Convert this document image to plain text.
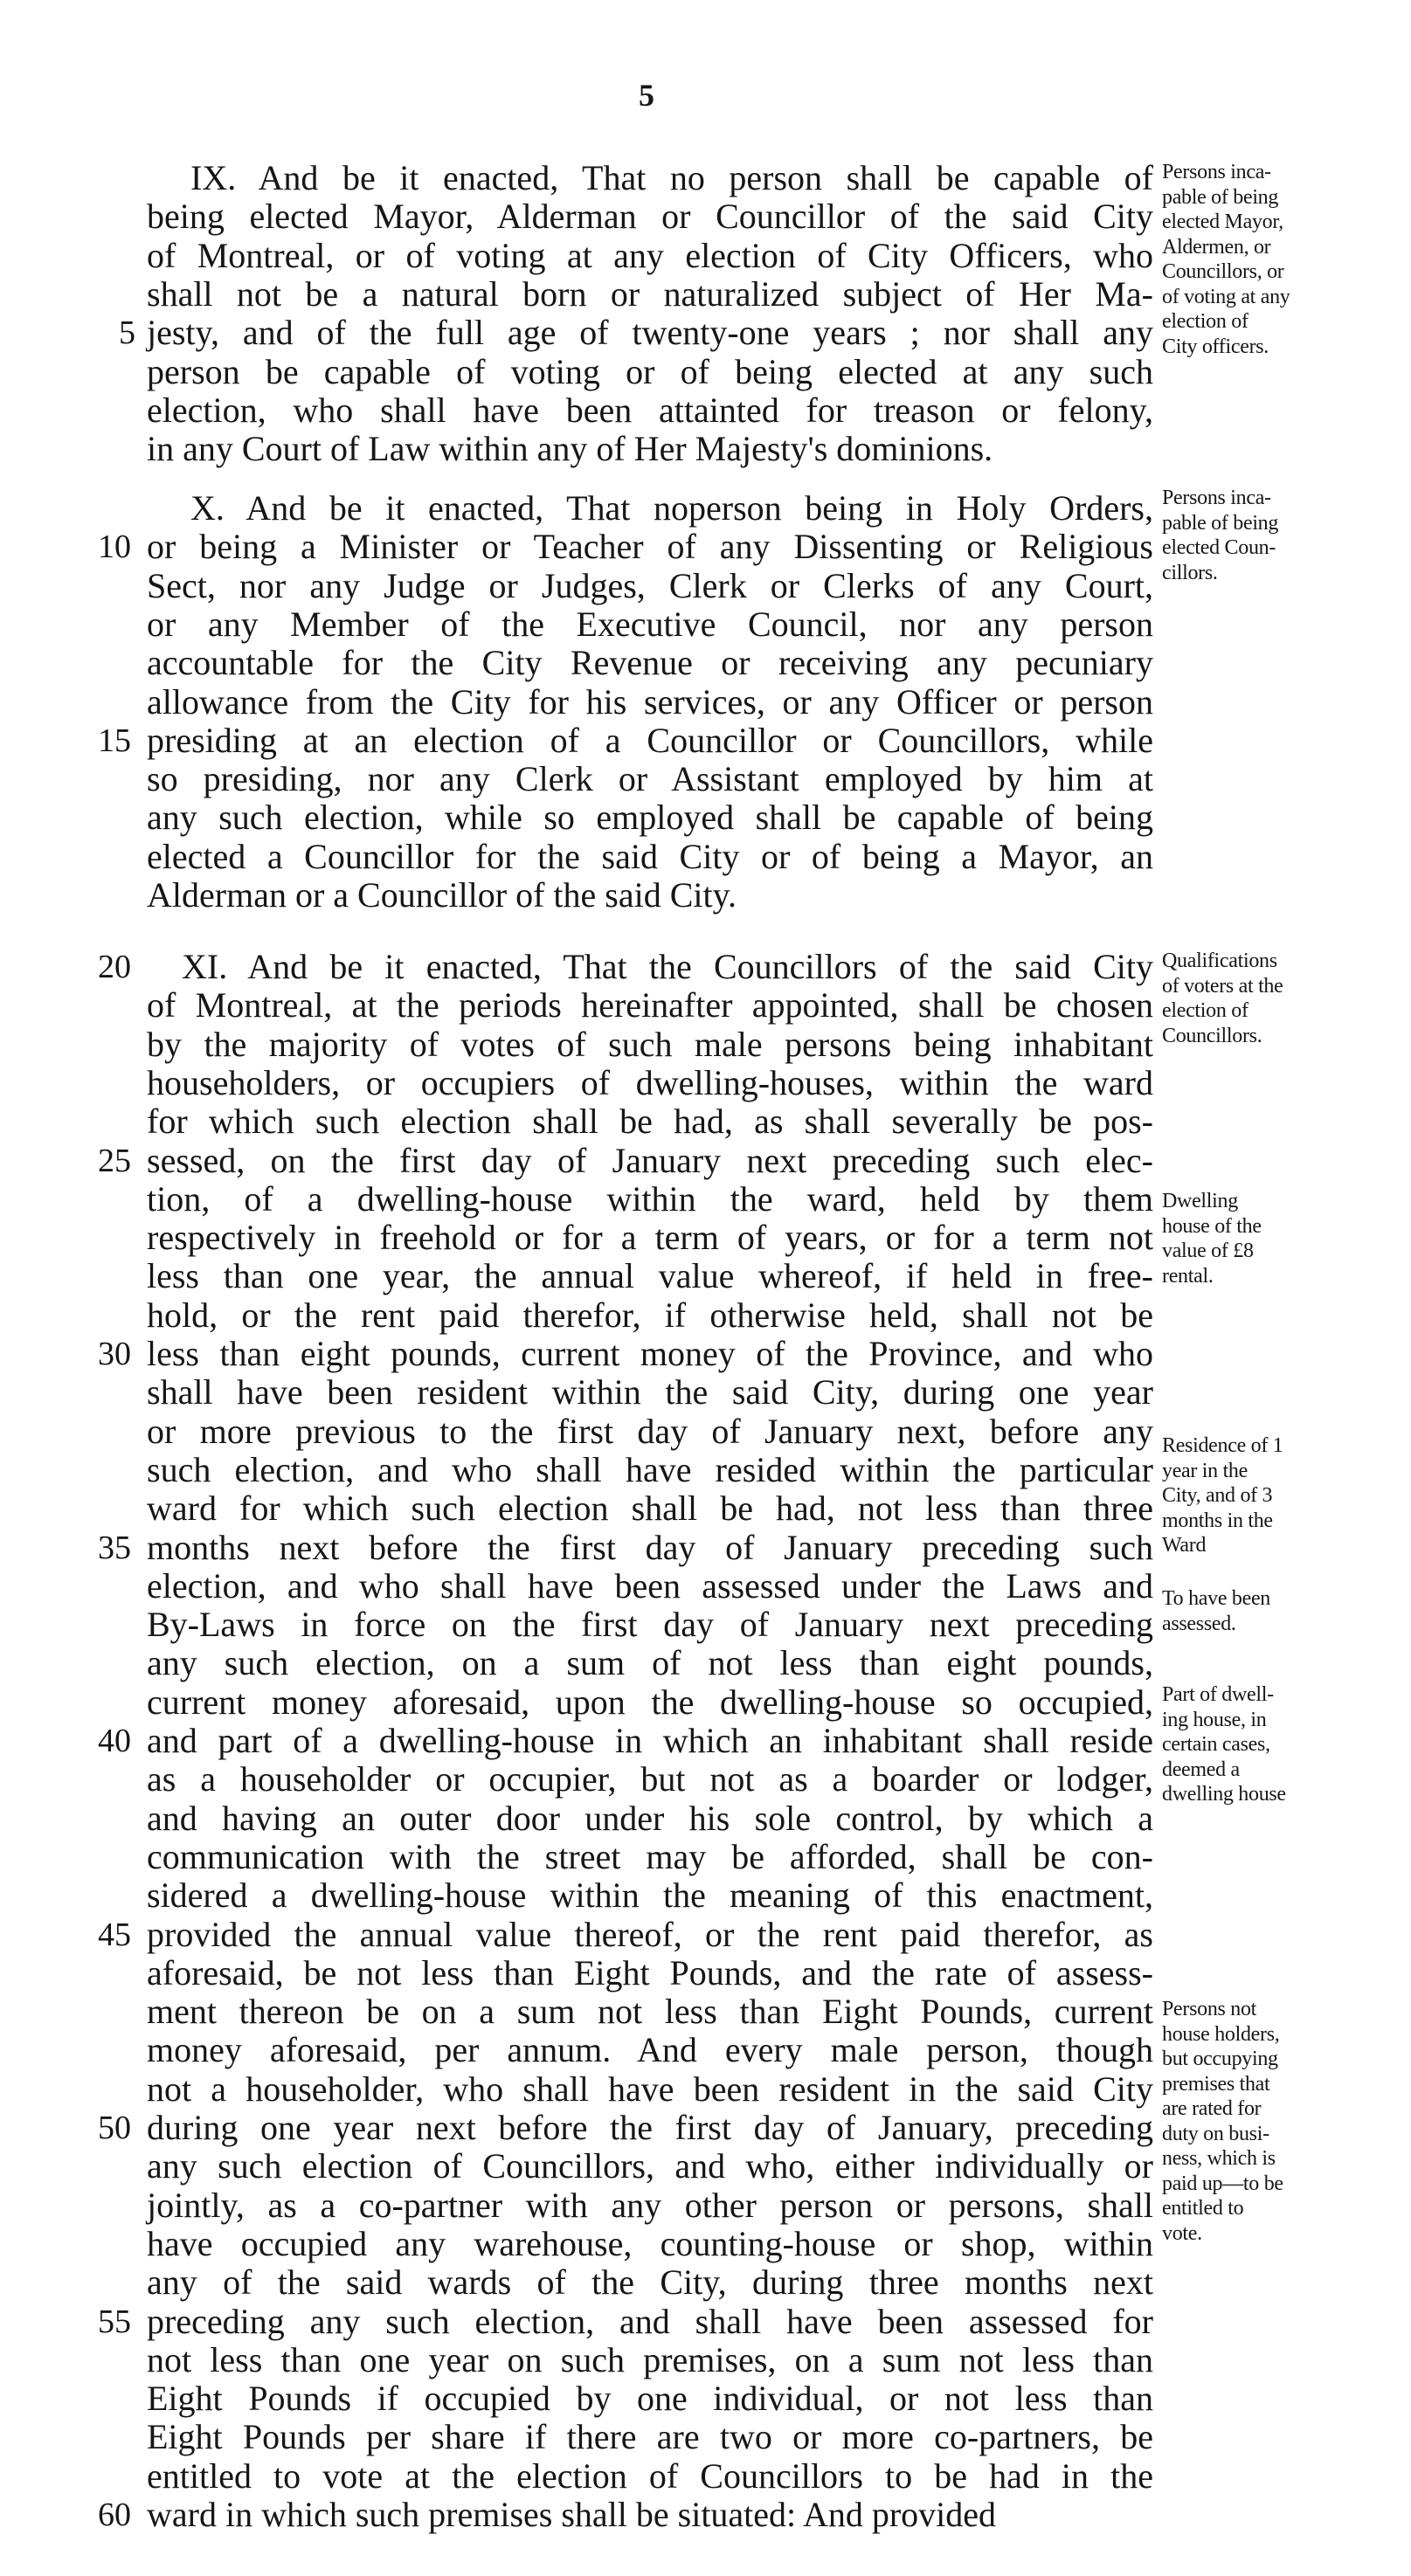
5
IX. And be it enacted, That no person shall be capable of
being elected Mayor, Alderman or Councillor of the said City
of Montreal, or of voting at any election of City Officers, who
shall not be a natural born or naturalized subject of Her Ma-
jesty, and of the full age of twenty-one years ; nor shall any
person be capable of voting or of being elected at any such
election, who shall have been attainted for treason or felony,
in any Court of Law within any of Her Majesty's dominions.
X. And be it enacted, That noperson being in Holy Orders,
or being a Minister or Teacher of any Dissenting or Religious
Sect, nor any Judge or Judges, Clerk or Clerks of any Court,
or any Member of the Executive Council, nor any person
accountable for the City Revenue or receiving any pecuniary
allowance from the City for his services, or any Officer or person
presiding at an election of a Councillor or Councillors, while
so presiding, nor any Clerk or Assistant employed by him at
any such election, while so employed shall be capable of being
elected a Councillor for the said City or of being a Mayor, an
Alderman or a Councillor of the said City.
XI. And be it enacted, That the Councillors of the said City
of Montreal, at the periods hereinafter appointed, shall be chosen
by the majority of votes of such male persons being inhabitant
householders, or occupiers of dwelling-houses, within the ward
for which such election shall be had, as shall severally be pos-
sessed, on the first day of January next preceding such elec-
tion, of a dwelling-house within the ward, held by them
respectively in freehold or for a term of years, or for a term not
less than one year, the annual value whereof, if held in free-
hold, or the rent paid therefor, if otherwise held, shall not be
less than eight pounds, current money of the Province, and who
shall have been resident within the said City, during one year
or more previous to the first day of January next, before any
such election, and who shall have resided within the particular
ward for which such election shall be had, not less than three
months next before the first day of January preceding such
election, and who shall have been assessed under the Laws and
By-Laws in force on the first day of January next preceding
any such election, on a sum of not less than eight pounds,
current money aforesaid, upon the dwelling-house so occupied,
and part of a dwelling-house in which an inhabitant shall reside
as a householder or occupier, but not as a boarder or lodger,
and having an outer door under his sole control, by which a
communication with the street may be afforded, shall be con-
sidered a dwelling-house within the meaning of this enactment,
provided the annual value thereof, or the rent paid therefor, as
aforesaid, be not less than Eight Pounds, and the rate of assess-
ment thereon be on a sum not less than Eight Pounds, current
money aforesaid, per annum. And every male person, though
not a householder, who shall have been resident in the said City
during one year next before the first day of January, preceding
any such election of Councillors, and who, either individually or
jointly, as a co-partner with any other person or persons, shall
have occupied any warehouse, counting-house or shop, within
any of the said wards of the City, during three months next
preceding any such election, and shall have been assessed for
not less than one year on such premises, on a sum not less than
Eight Pounds if occupied by one individual, or not less than
Eight Pounds per share if there are two or more co-partners, be
entitled to vote at the election of Councillors to be had in the
ward in which such premises shall be situated: And provided
5
10
15
20
25
30
35
40
45
50
55
60
Persons inca-
pable of being
elected Mayor,
Aldermen, or
Councillors, or
of voting at any
election of
City officers.
Persons inca-
pable of being
elected Coun-
cillors.
Qualifications
of voters at the
election of
Councillors.
Dwelling
house of the
value of £8
rental.
Residence of 1
year in the
City, and of 3
months in the
Ward
To have been
assessed.
Part of dwell-
ing house, in
certain cases,
deemed a
dwelling house
Persons not
house holders,
but occupying
premises that
are rated for
duty on busi-
ness, which is
paid up—to be
entitled to
vote.
